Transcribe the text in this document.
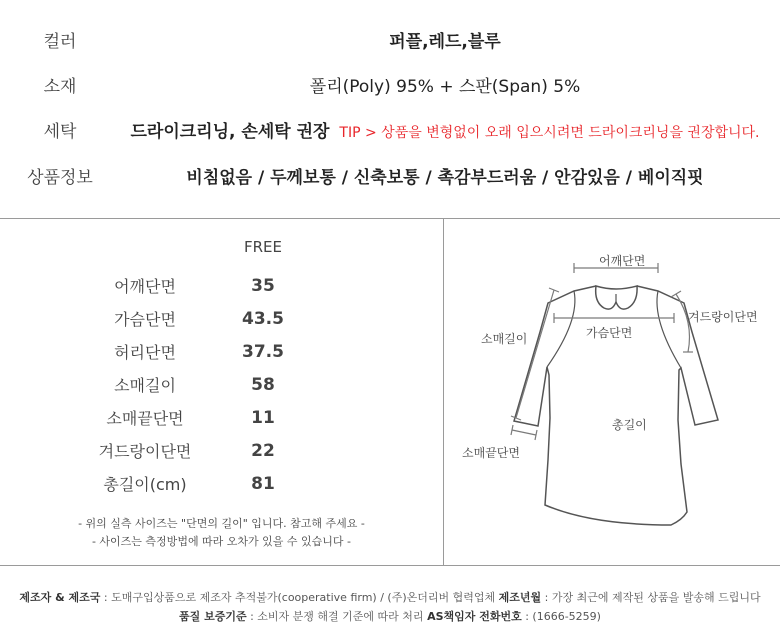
컬러	퍼플,레드,블루
소재	폴리(Poly) 95% + 스판(Span) 5%
세탁	드라이크리닝, 손세탁 권장 TIP > 상품을 변형없이 오래 입으시려면 드라이크리닝을 권장합니다.
상품정보	비침없음 / 두께보통 / 신축보통 / 촉감부드러움 / 안감있음 / 베이직핏
FREE
어깨단면	35
가슴단면	43.5
허리단면	37.5
소매길이	58
소매끝단면	11
겨드랑이단면	22
총길이(cm)	81
- 위의 실측 사이즈는 "단면의 길이" 입니다. 참고해 주세요 -
- 사이즈는 측정방법에 따라 오차가 있을 수 있습니다 -
어깨단면
가슴단면
겨드랑이단면
소매길이
소매끝단면
총길이
제조자 & 제조국 : 도매구입상품으로 제조자 추적불가(cooperative firm) / (주)온더리버 협력업체 제조년월 : 가장 최근에 제작된 상품을 발송해 드립니다
품질 보증기준 : 소비자 분쟁 해결 기준에 따라 처리 AS책임자 전화번호 : (1666-5259)
